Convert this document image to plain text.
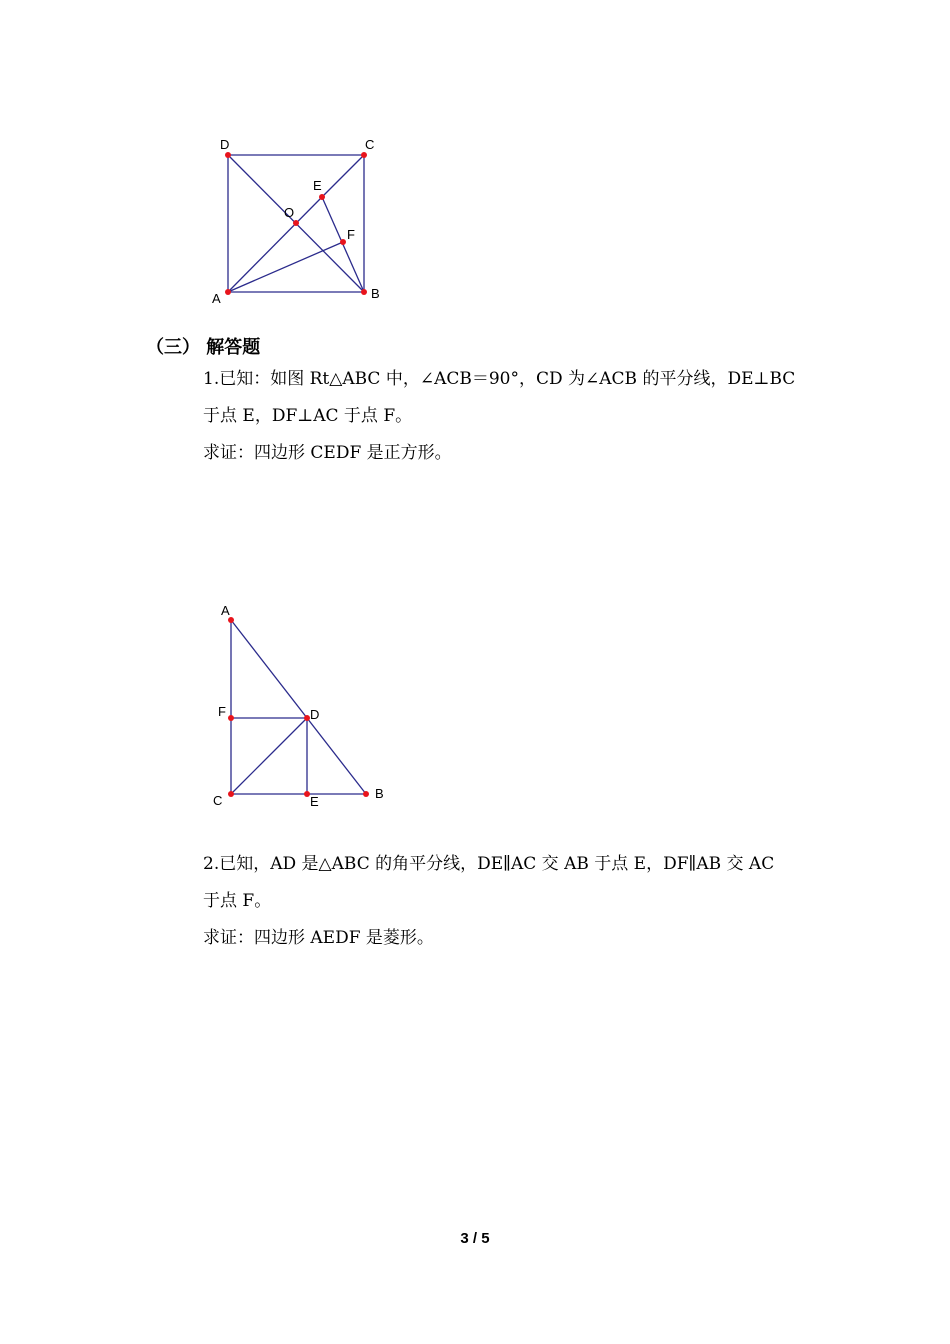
D	C
E
O
F
A	B
（三） 解答题
1.已知：如图 Rt△ABC 中，∠ACB＝90°，CD 为∠ACB 的平分线，DE⊥BC
于点 E，DF⊥AC 于点 F。
求证：四边形 CEDF 是正方形。
A
F	D
C	E
B
2.已知，AD 是△ABC 的角平分线，DE∥AC 交 AB 于点 E，DF∥AB 交 AC
于点 F。
求证：四边形 AEDF 是菱形。
3 / 5
